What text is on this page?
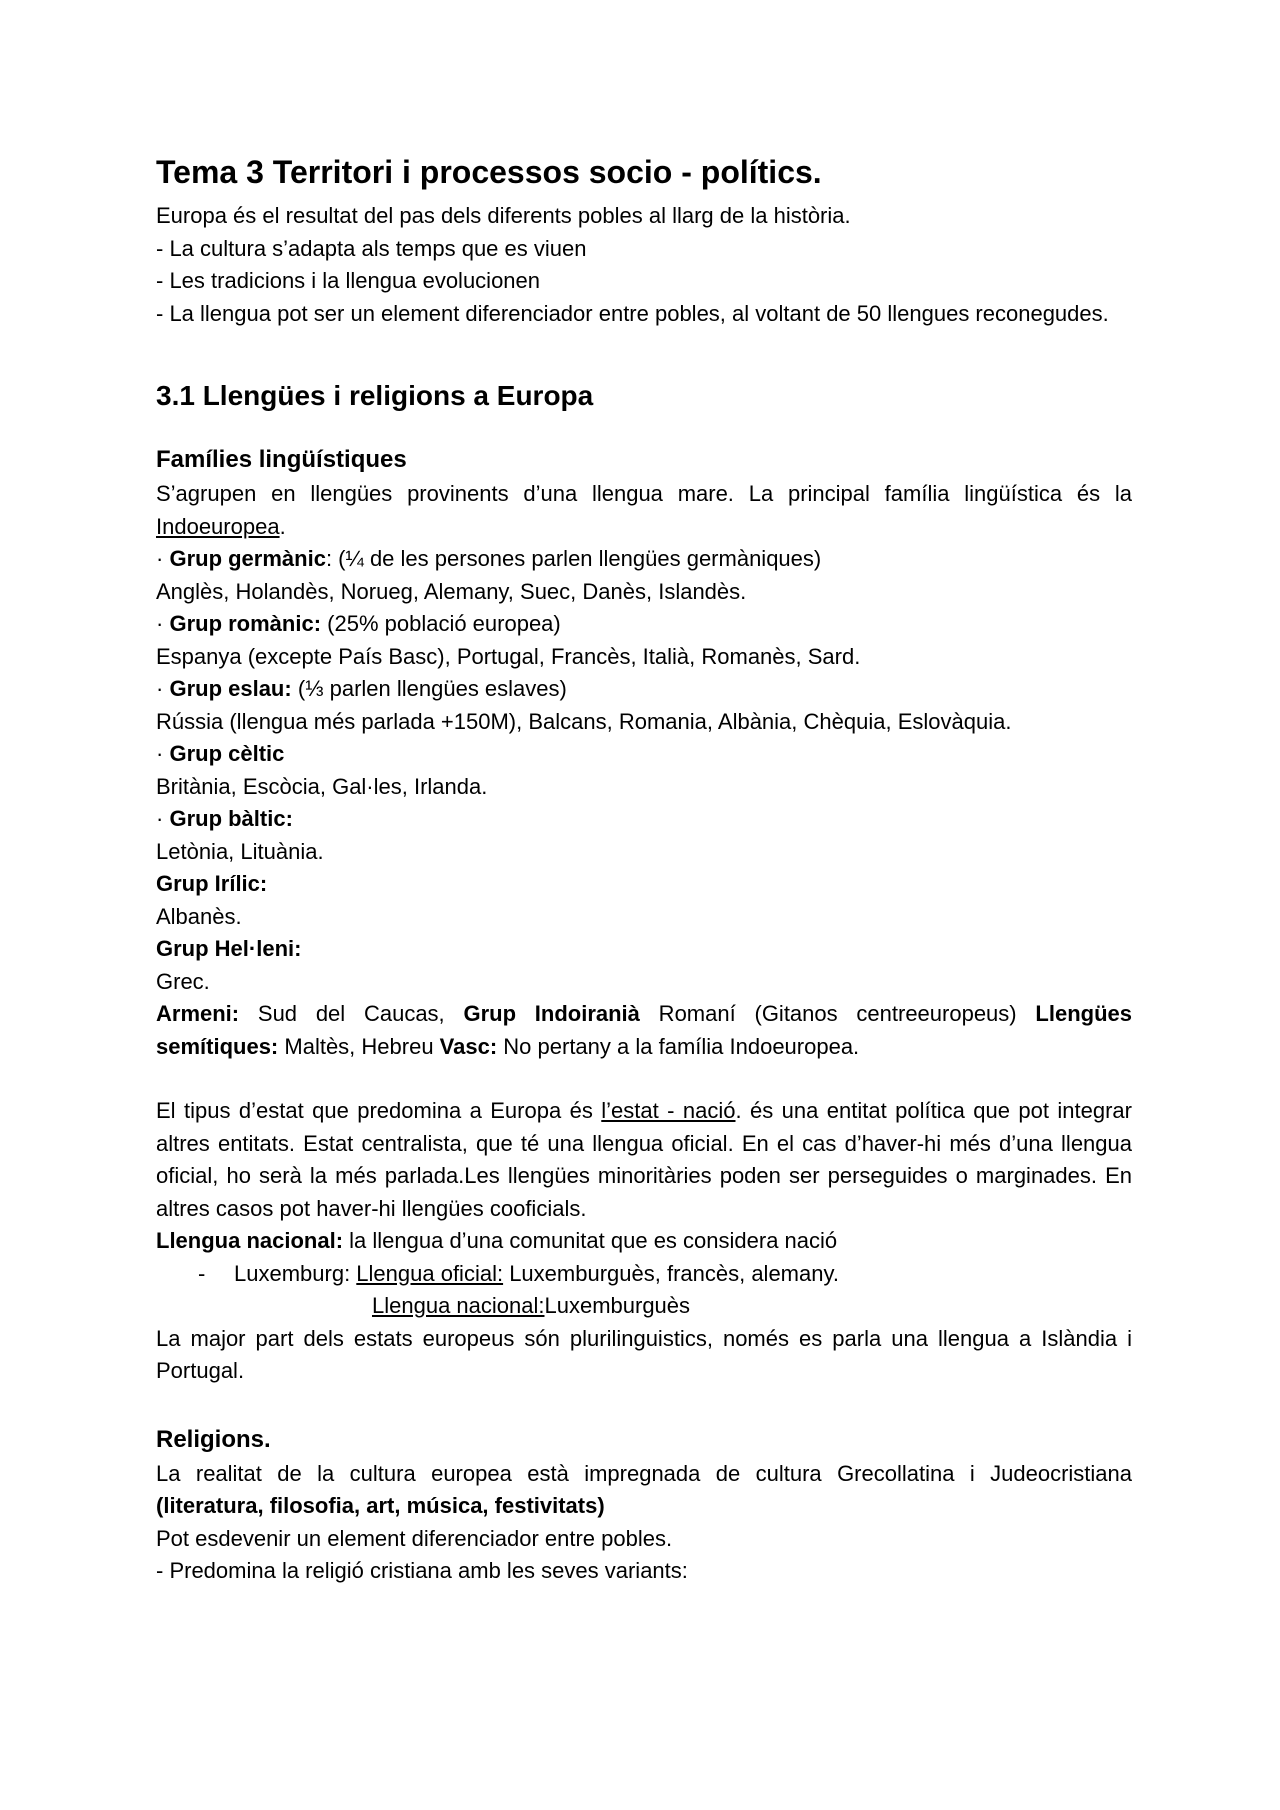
Tema 3 Territori i processos socio - polítics.

Europa és el resultat del pas dels diferents pobles al llarg de la història.

- La cultura s’adapta als temps que es viuen

- Les tradicions i la llengua evolucionen

- La llengua pot ser un element diferenciador entre pobles, al voltant de 50 llengues reconegudes.

3.1 Llengües i religions a Europa
Famílies lingüístiques

S’agrupen en llengües provinents d’una llengua mare. La principal família lingüística és la Indoeuropea.

· Grup germànic: (¼ de les persones parlen llengües germàniques)

Anglès, Holandès, Norueg, Alemany, Suec, Danès, Islandès.

· Grup romànic: (25% població europea)

Espanya (excepte País Basc), Portugal, Francès, Italià, Romanès, Sard.

· Grup eslau: (⅓ parlen llengües eslaves)

Rússia (llengua més parlada +150M), Balcans, Romania, Albània, Chèquia, Eslovàquia.

· Grup cèltic

Britània, Escòcia, Gal·les, Irlanda.

· Grup bàltic:

Letònia, Lituània.

Grup Irílic:

Albanès.

Grup Hel·leni:

Grec.

Armeni: Sud del Caucas, Grup Indoiranià Romaní (Gitanos centreeuropeus) Llengües semítiques: Maltès, Hebreu Vasc: No pertany a la família Indoeuropea.

El tipus d’estat que predomina a Europa és l’estat - nació. és una entitat política que pot integrar altres entitats. Estat centralista, que té una llengua oficial. En el cas d’haver-hi més d’una llengua oficial, ho serà la més parlada.Les llengües minoritàries poden ser perseguides o marginades. En altres casos pot haver-hi llengües cooficials.

Llengua nacional: la llengua d’una comunitat que es considera nació

- Luxemburg: Llengua oficial: Luxemburguès, francès, alemany.

Llengua nacional:Luxemburguès

La major part dels estats europeus són plurilinguistics, només es parla una llengua a Islàndia i Portugal.

Religions.

La realitat de la cultura europea està impregnada de cultura Grecollatina i Judeocristiana (literatura, filosofia, art, música, festivitats)

Pot esdevenir un element diferenciador entre pobles.

- Predomina la religió cristiana amb les seves variants:
